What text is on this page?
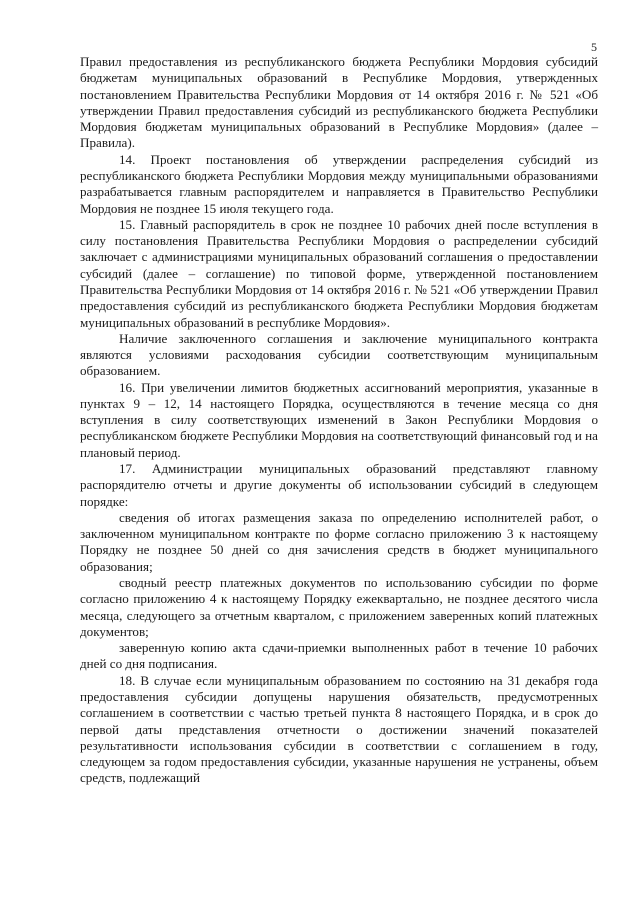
5

Правил предоставления из республиканского бюджета Республики Мордовия субсидий бюджетам муниципальных образований в Республике Мордовия, утвержденных постановлением Правительства Республики Мордовия от 14 октября 2016 г. № 521 «Об утверждении Правил предоставления субсидий из республиканского бюджета Республики Мордовия бюджетам муниципальных образований в Республике Мордовия» (далее – Правила).

14. Проект постановления об утверждении распределения субсидий из республиканского бюджета Республики Мордовия между муниципальными образованиями разрабатывается главным распорядителем и направляется в Правительство Республики Мордовия не позднее 15 июля текущего года.

15. Главный распорядитель в срок не позднее 10 рабочих дней после вступления в силу постановления Правительства Республики Мордовия о распределении субсидий заключает с администрациями муниципальных образований соглашения о предоставлении субсидий (далее – соглашение) по типовой форме, утвержденной постановлением Правительства Республики Мордовия от 14 октября 2016 г. № 521 «Об утверждении Правил предоставления субсидий из республиканского бюджета Республики Мордовия бюджетам муниципальных образований в республике Мордовия».

Наличие заключенного соглашения и заключение муниципального контракта являются условиями расходования субсидии соответствующим муниципальным образованием.

16. При увеличении лимитов бюджетных ассигнований мероприятия, указанные в пунктах 9 – 12, 14 настоящего Порядка, осуществляются в течение месяца со дня вступления в силу соответствующих изменений в Закон Республики Мордовия о республиканском бюджете Республики Мордовия на соответствующий финансовый год и на плановый период.

17. Администрации муниципальных образований представляют главному распорядителю отчеты и другие документы об использовании субсидий в следующем порядке:

сведения об итогах размещения заказа по определению исполнителей работ, о заключенном муниципальном контракте по форме согласно приложению 3 к настоящему Порядку не позднее 50 дней со дня зачисления средств в бюджет муниципального образования;

сводный реестр платежных документов по использованию субсидии по форме согласно приложению 4 к настоящему Порядку ежеквартально, не позднее десятого числа месяца, следующего за отчетным кварталом, с приложением заверенных копий платежных документов;

заверенную копию акта сдачи-приемки выполненных работ в течение 10 рабочих дней со дня подписания.

18. В случае если муниципальным образованием по состоянию на 31 декабря года предоставления субсидии допущены нарушения обязательств, предусмотренных соглашением в соответствии с частью третьей пункта 8 настоящего Порядка, и в срок до первой даты представления отчетности о достижении значений показателей результативности использования субсидии в соответствии с соглашением в году, следующем за годом предоставления субсидии, указанные нарушения не устранены, объем средств, подлежащий
